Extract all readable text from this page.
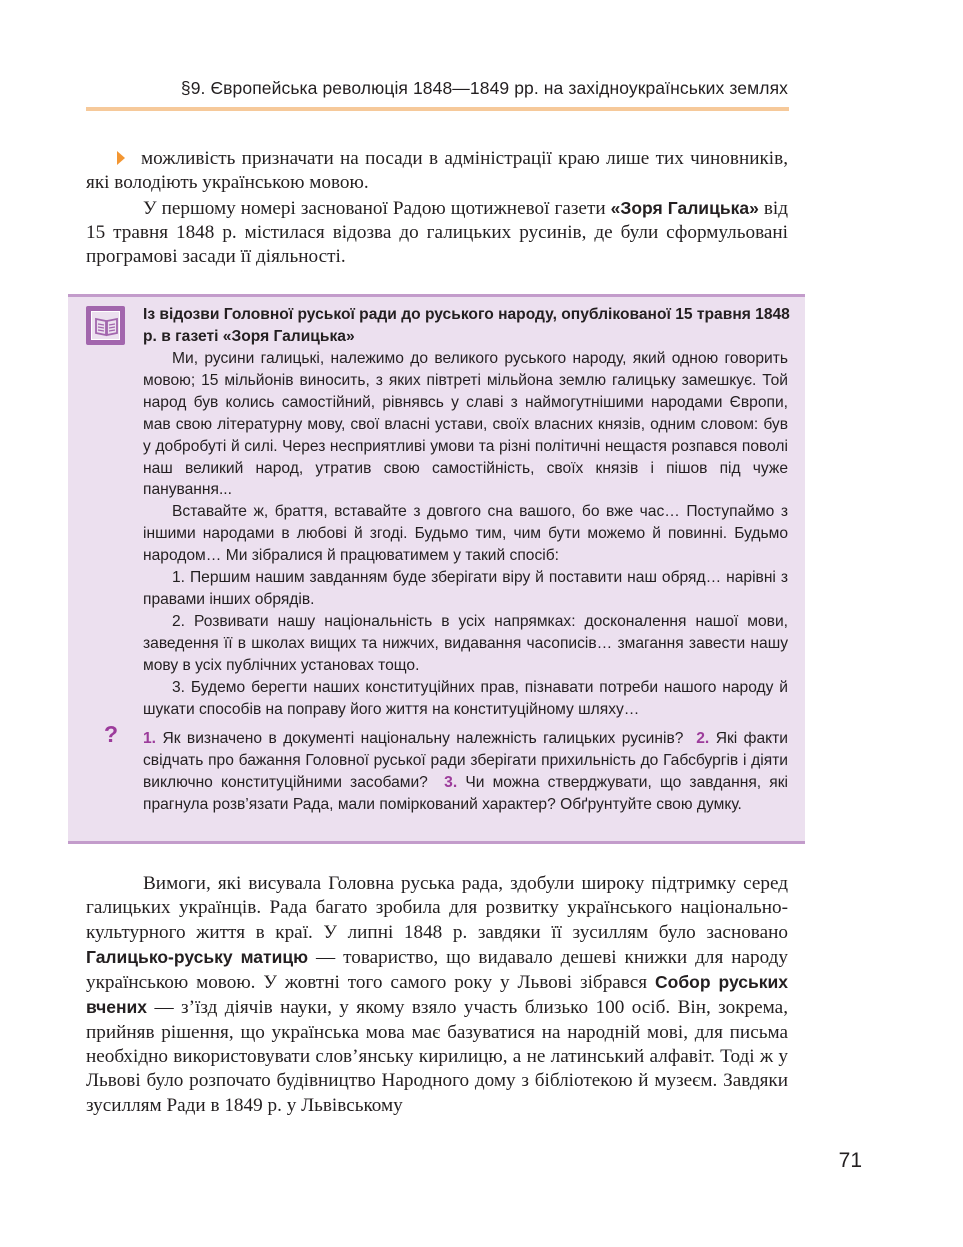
§9. Європейська революція 1848—1849 рр. на західноукраїнських землях

можливість призначати на посади в адміністрації краю лише тих чиновників, які володіють українською мовою.

У першому номері заснованої Радою щотижневої газети «Зоря Галицька» від 15 травня 1848 р. містилася відозва до галицьких русинів, де були сформульовані програмові засади її діяльності.

Із відозви Головної руської ради до руського народу, опублікованої 15 травня 1848 р. в газеті «Зоря Галицька»

Ми, русини галицькі, належимо до великого руського народу, який одною говорить мовою; 15 мільйонів виносить, з яких півтреті мільйона землю галицьку замешкує. Той народ був колись самостійний, рівнявсь у славі з наймогутнішими народами Європи, мав свою літературну мову, свої власні устави, своїх власних князів, одним словом: був у добробуті й силі. Через несприятливі умови та різні політичні нещастя розпався поволі наш великий народ, утратив свою самостійність, своїх князів і пішов під чуже панування...

Вставайте ж, браття, вставайте з довгого сна вашого, бо вже час… Поступаймо з іншими народами в любові й згоді. Будьмо тим, чим бути можемо й повинні. Будьмо народом… Ми зібралися й працюватимем у такий спосіб:

1. Першим нашим завданням буде зберігати віру й поставити наш обряд… нарівні з правами інших обрядів.

2. Розвивати нашу національність в усіх напрямках: досконалення нашої мови, заведення її в школах вищих та нижчих, видавання часописів… змагання завести нашу мову в усіх публічних установах тощо.

3. Будемо берегти наших конституційних прав, пізнавати потреби нашого народу й шукати способів на поправу його життя на конституційному шляху…

? 1. Як визначено в документі національну належність галицьких русинів? 2. Які факти свідчать про бажання Головної руської ради зберігати прихильність до Габсбургів і діяти виключно конституційними засобами? 3. Чи можна стверджувати, що завдання, які прагнула розв’язати Рада, мали поміркований характер? Обґрунтуйте свою думку.

Вимоги, які висувала Головна руська рада, здобули широку підтримку серед галицьких українців. Рада багато зробила для розвитку українського національно-культурного життя в краї. У липні 1848 р. завдяки її зусиллям було засновано Галицько-руську матицю — товариство, що видавало дешеві книжки для народу українською мовою. У жовтні того самого року у Львові зібрався Собор руських вчених — з’їзд діячів науки, у якому взяло участь близько 100 осіб. Він, зокрема, прийняв рішення, що українська мова має базуватися на народній мові, для письма необхідно використовувати слов’янську кирилицю, а не латинський алфавіт. Тоді ж у Львові було розпочато будівництво Народного дому з бібліотекою й музеєм. Завдяки зусиллям Ради в 1849 р. у Львівському

71
